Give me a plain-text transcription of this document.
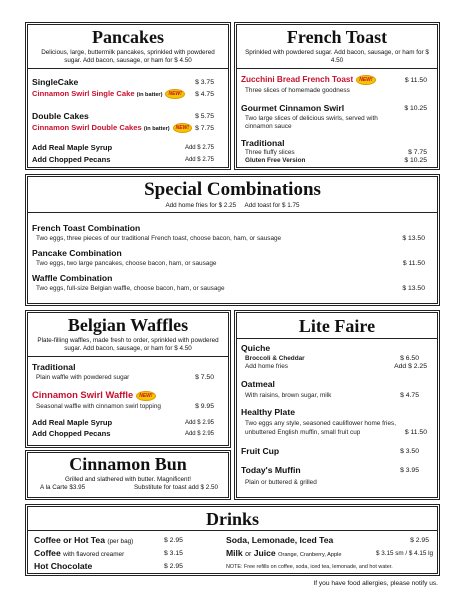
Pancakes
Delicious, large, buttermilk pancakes, sprinkled with powdered sugar. Add bacon, sausage, or ham for $ 4.50
SingleCake	$ 3.75
Cinnamon Swirl Single Cake (in batter) NEW!	$ 4.75
Double Cakes	$ 5.75
Cinnamon Swirl Double Cakes (in batter) NEW! $ 7.75
Add Real Maple Syrup	Add $ 2.75
Add Chopped Pecans	Add $ 2.75
French Toast
Sprinkled with powdered sugar. Add bacon, sausage, or ham for $ 4.50
Zucchini Bread French Toast NEW!	$ 11.50
Three slices of homemade goodness
Gourmet Cinnamon Swirl	$ 10.25
Two large slices of delicious swirls, served with
cinnamon sauce
Traditional
Three fluffy slices	$ 7.75
Gluten Free Version	$ 10.25
Special Combinations
Add home fries for $ 2.25     Add toast for $ 1.75
French Toast Combination
Two eggs, three pieces of our traditional French toast, choose bacon, ham, or sausage	$ 13.50
Pancake Combination
Two eggs, two large pancakes, choose bacon, ham, or sausage	$ 11.50
Waffle Combination
Two eggs, full-size Belgian waffle, choose bacon, ham, or sausage	$ 13.50
Belgian Waffles
Plate-filling waffles, made fresh to order, sprinkled with powdered sugar. Add bacon, sausage, or ham for $ 4.50
Traditional
Plain waffle with powdered sugar	$ 7.50
Cinnamon Swirl Waffle NEW!
Seasonal waffle with cinnamon swirl topping	$ 9.95
Add Real Maple Syrup	Add $ 2.95
Add Chopped Pecans	Add $ 2.95
Cinnamon Bun
Grilled and slathered with butter. Magnificent!
A la Carte $3.95	Substitute for toast add $ 2.50
Lite Faire
Quiche
Broccoli & Cheddar	$ 6.50
Add home fries	Add $ 2.25
Oatmeal
With raisins, brown sugar, milk	$ 4.75
Healthy Plate
Two eggs any style, seasoned cauliflower home fries,
unbuttered English muffin, small fruit cup	$ 11.50
Fruit Cup	$ 3.50
Today's Muffin	$ 3.95
Plain or buttered & grilled
Drinks
Coffee or Hot Tea (per bag)	$ 2.95
Coffee with flavored creamer	$ 3.15
Hot Chocolate	$ 2.95
Soda, Lemonade, Iced Tea	$ 2.95
Milk or Juice Orange, Cranberry, Apple	$ 3.15 sm / $ 4.15 lg
NOTE: Free refills on coffee, soda, iced tea, lemonade, and hot water.
If you have food allergies, please notify us.
